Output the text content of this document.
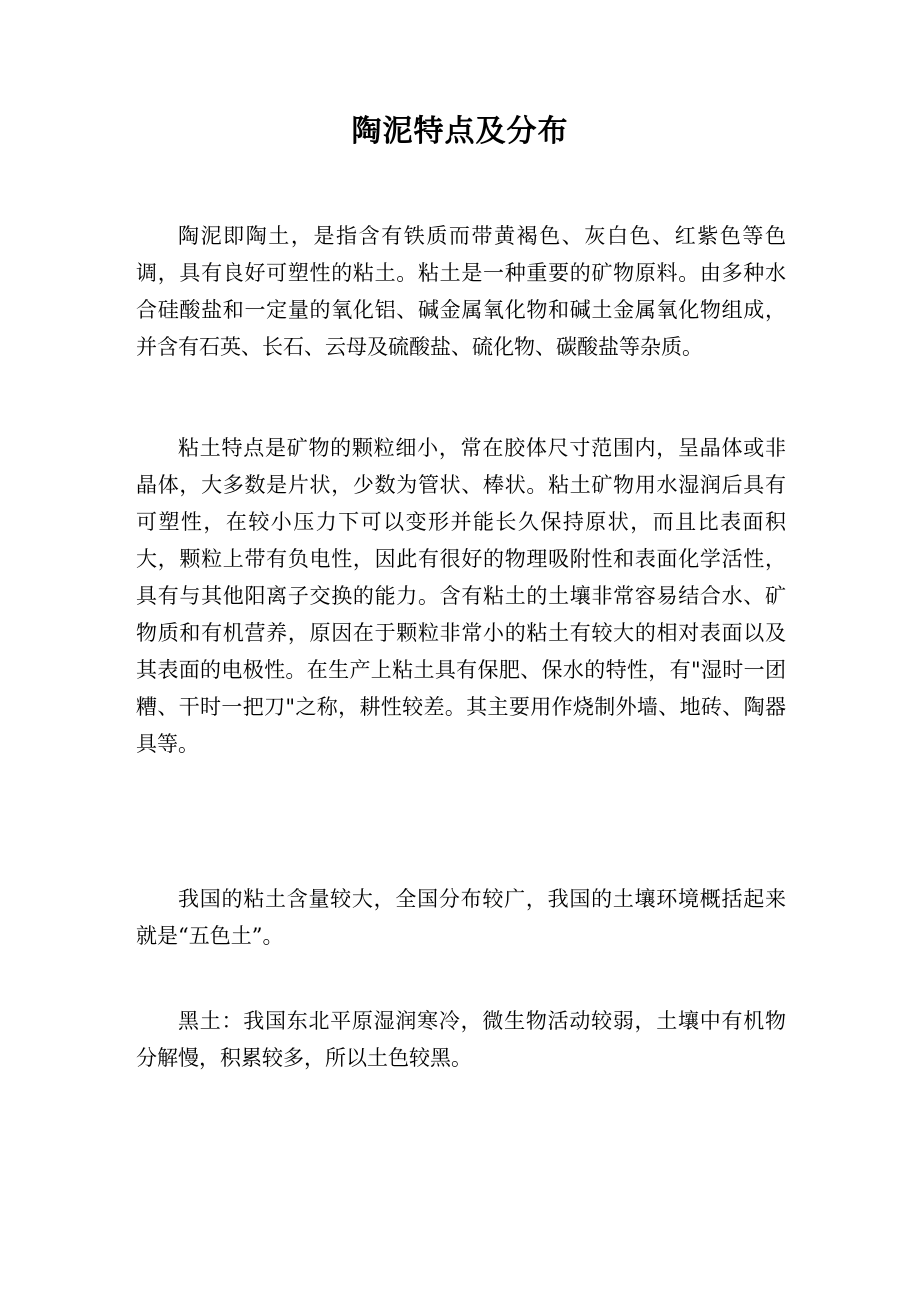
陶泥特点及分布

陶泥即陶土，是指含有铁质而带黄褐色、灰白色、红紫色等色调，具有良好可塑性的粘土。粘土是一种重要的矿物原料。由多种水合硅酸盐和一定量的氧化铝、碱金属氧化物和碱土金属氧化物组成，并含有石英、长石、云母及硫酸盐、硫化物、碳酸盐等杂质。

粘土特点是矿物的颗粒细小，常在胶体尺寸范围内，呈晶体或非晶体，大多数是片状，少数为管状、棒状。粘土矿物用水湿润后具有可塑性，在较小压力下可以变形并能长久保持原状，而且比表面积大，颗粒上带有负电性，因此有很好的物理吸附性和表面化学活性，具有与其他阳离子交换的能力。含有粘土的土壤非常容易结合水、矿物质和有机营养，原因在于颗粒非常小的粘土有较大的相对表面以及其表面的电极性。在生产上粘土具有保肥、保水的特性，有"湿时一团糟、干时一把刀"之称，耕性较差。其主要用作烧制外墙、地砖、陶器具等。

我国的粘土含量较大，全国分布较广，我国的土壤环境概括起来就是“五色土”。

黑土：我国东北平原湿润寒冷，微生物活动较弱，土壤中有机物分解慢，积累较多，所以土色较黑。
